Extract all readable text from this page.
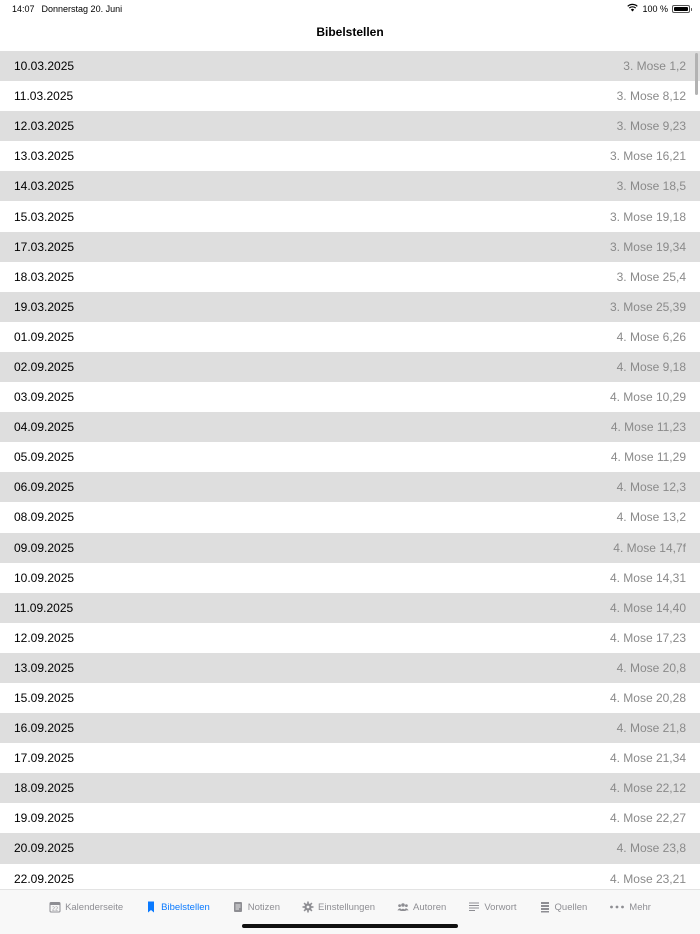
14:07 Donnerstag 20. Juni	100 %
Bibelstellen
10.03.2025	3. Mose 1,2
11.03.2025	3. Mose 8,12
12.03.2025	3. Mose 9,23
13.03.2025	3. Mose 16,21
14.03.2025	3. Mose 18,5
15.03.2025	3. Mose 19,18
17.03.2025	3. Mose 19,34
18.03.2025	3. Mose 25,4
19.03.2025	3. Mose 25,39
01.09.2025	4. Mose 6,26
02.09.2025	4. Mose 9,18
03.09.2025	4. Mose 10,29
04.09.2025	4. Mose 11,23
05.09.2025	4. Mose 11,29
06.09.2025	4. Mose 12,3
08.09.2025	4. Mose 13,2
09.09.2025	4. Mose 14,7f
10.09.2025	4. Mose 14,31
11.09.2025	4. Mose 14,40
12.09.2025	4. Mose 17,23
13.09.2025	4. Mose 20,8
15.09.2025	4. Mose 20,28
16.09.2025	4. Mose 21,8
17.09.2025	4. Mose 21,34
18.09.2025	4. Mose 22,12
19.09.2025	4. Mose 22,27
20.09.2025	4. Mose 23,8
22.09.2025	4. Mose 23,21
22 Kalenderseite	Bibelstellen	Notizen	Einstellungen	Autoren	Vorwort	Quellen	Mehr
